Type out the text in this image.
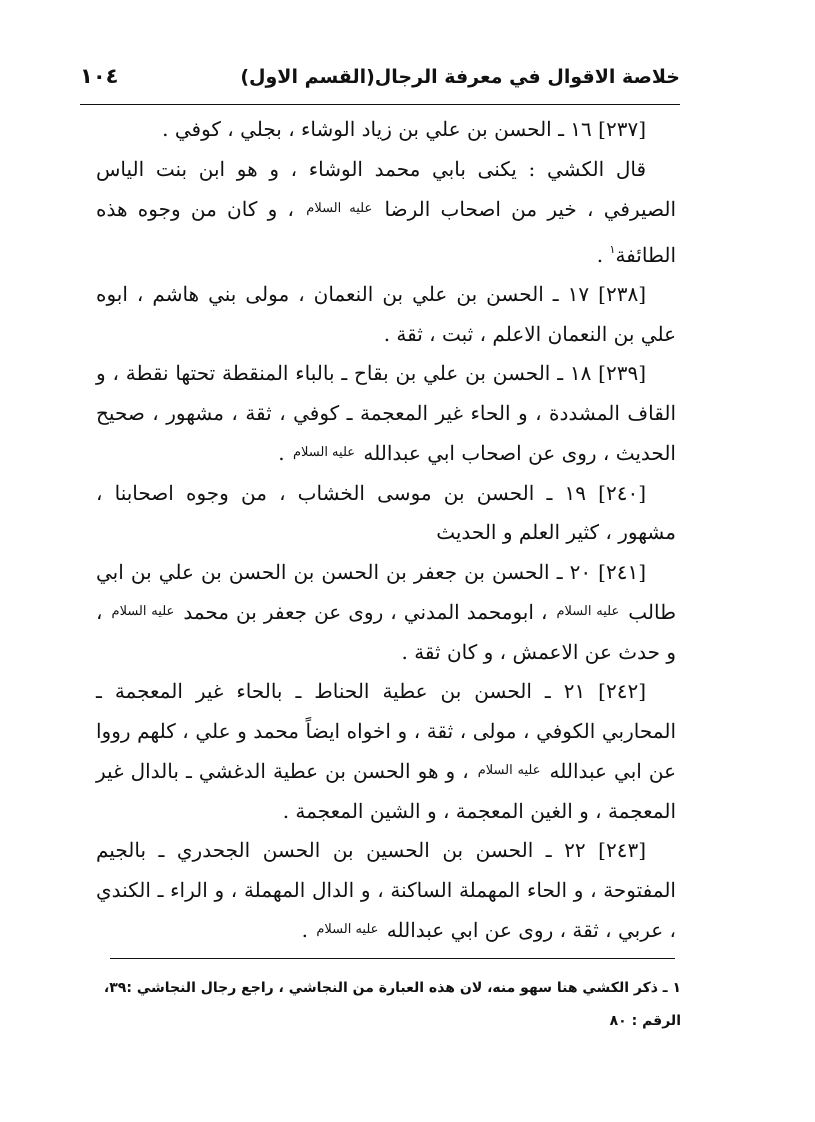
خلاصة الاقوال في معرفة الرجال(القسم الاول)
١٠٤

[٢٣٧] ١٦ ـ الحسن بن علي بن زياد الوشاء ، بجلي ، كوفي .

قال الكشي : يكنى بابي محمد الوشاء ، و هو ابن بنت الياس الصيرفي ، خير من اصحاب الرضا $^{عليه السلام}$ ، و كان من وجوه هذه الطائفة$^١$ .

[٢٣٨] ١٧ ـ الحسن بن علي بن النعمان ، مولى بني هاشم ، ابوه علي بن النعمان الاعلم ، ثبت ، ثقة .

[٢٣٩] ١٨ ـ الحسن بن علي بن بقاح ـ بالباء المنقطة تحتها نقطة ، و القاف المشددة ، و الحاء غير المعجمة ـ كوفي ، ثقة ، مشهور ، صحيح الحديث ، روى عن اصحاب ابي عبدالله $^{عليه السلام}$ .

[٢٤٠] ١٩ ـ الحسن بن موسى الخشاب ، من وجوه اصحابنا ، مشهور ، كثير العلم و الحديث

[٢٤١] ٢٠ ـ الحسن بن جعفر بن الحسن بن الحسن بن علي بن ابي طالب $^{عليه السلام}$ ، ابومحمد المدني ، روى عن جعفر بن محمد $^{عليه السلام}$ ، و حدث عن الاعمش ، و كان ثقة .

[٢٤٢] ٢١ ـ الحسن بن عطية الحناط ـ بالحاء غير المعجمة ـ المحاربي الكوفي ، مولى ، ثقة ، و اخواه ايضاً محمد و علي ، كلهم رووا عن ابي عبدالله $^{عليه السلام}$ ، و هو الحسن بن عطية الدغشي ـ بالدال غير المعجمة ، و الغين المعجمة ، و الشين المعجمة .

[٢٤٣] ٢٢ ـ الحسن بن الحسين بن الحسن الجحدري ـ بالجيم المفتوحة ، و الحاء المهملة الساكنة ، و الدال المهملة ، و الراء ـ الكندي ، عربي ، ثقة ، روى عن ابي عبدالله $^{عليه السلام}$ .

١ ـ ذكر الكشي هنا سهو منه، لان هذه العبارة من النجاشي ، راجع رجال النجاشي :٣٩،
الرقم : ٨٠
